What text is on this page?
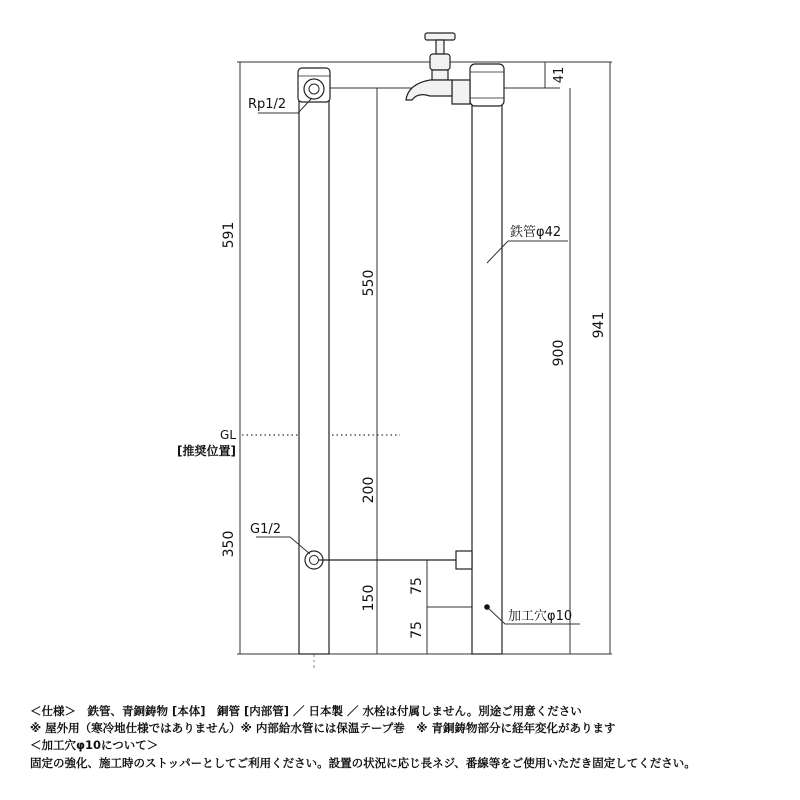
Rp1/2
G1/2
GL
[推奨位置]
鉄管φ42
加工穴φ10
41
591
550
200
350
150 75
75
900
941
＜仕様＞　鉄管、青銅鋳物 [本体]　銅管 [内部管] ／ 日本製 ／ 水栓は付属しません。別途ご用意ください
※ 屋外用（寒冷地仕様ではありません）※ 内部給水管には保温テープ巻　※ 青銅鋳物部分に経年変化があります
＜加工穴φ10について＞
固定の強化、施工時のストッパーとしてご利用ください。設置の状況に応じ長ネジ、番線等をご使用いただき固定してください。
